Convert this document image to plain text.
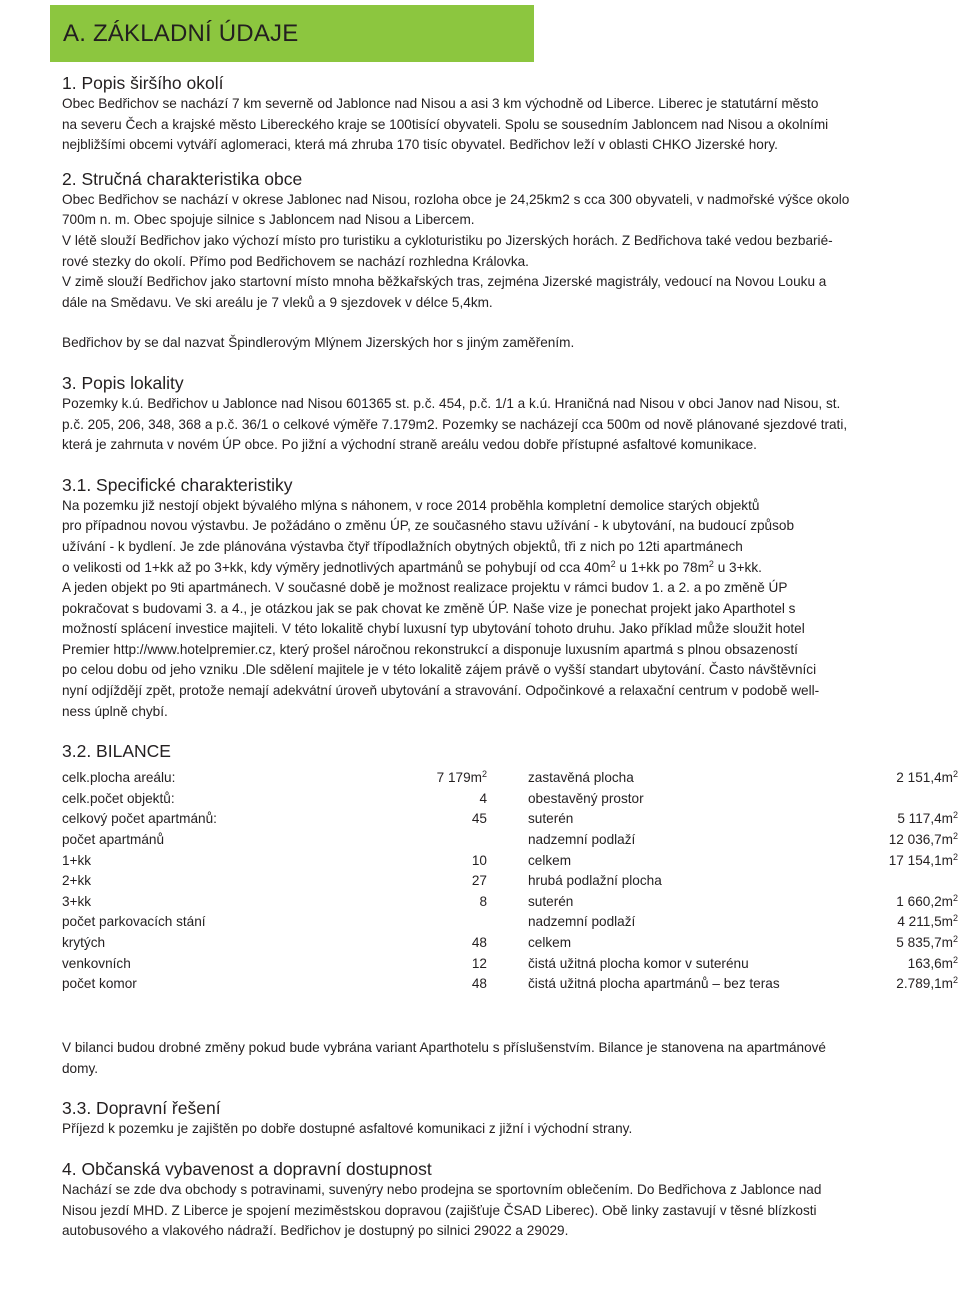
A. ZÁKLADNÍ ÚDAJE

1. Popis širšího okolí

Obec Bedřichov se nachází 7 km severně od Jablonce nad Nisou a asi 3 km východně od Liberce. Liberec je statutární město

na severu Čech a krajské město Libereckého kraje se 100tisící obyvateli. Spolu se sousedním Jabloncem nad Nisou a okolními

nejbližšími obcemi vytváří aglomeraci, která má zhruba 170 tisíc obyvatel. Bedřichov leží v oblasti CHKO Jizerské hory.

2. Stručná charakteristika obce

Obec Bedřichov se nachází v okrese Jablonec nad Nisou, rozloha obce je 24,25km2 s cca 300 obyvateli, v nadmořské výšce okolo

700m n. m. Obec spojuje silnice s Jabloncem nad Nisou a Libercem.

V létě slouží Bedřichov jako výchozí místo pro turistiku a cykloturistiku po Jizerských horách. Z Bedřichova také vedou bezbarié-

rové stezky do okolí. Přímo pod Bedřichovem se nachází rozhledna Královka.

V zimě slouží Bedřichov jako startovní místo mnoha běžkařských tras, zejména Jizerské magistrály, vedoucí na Novou Louku a

dále na Smědavu. Ve ski areálu je 7 vleků a 9 sjezdovek v délce 5,4km.

Bedřichov by se dal nazvat Špindlerovým Mlýnem Jizerských hor s jiným zaměřením.

3. Popis lokality

Pozemky k.ú. Bedřichov u Jablonce nad Nisou 601365 st. p.č. 454, p.č. 1/1 a k.ú. Hraničná nad Nisou v obci Janov nad Nisou, st.

p.č. 205, 206, 348, 368 a p.č. 36/1 o celkové výměře 7.179m2. Pozemky se nacházejí cca 500m od nově plánované sjezdové trati,

která je zahrnuta v novém ÚP obce. Po jižní a východní straně areálu vedou dobře přístupné asfaltové komunikace.

3.1. Specifické charakteristiky

Na pozemku již nestojí objekt bývalého mlýna s náhonem, v roce 2014 proběhla kompletní demolice starých objektů

pro případnou novou výstavbu. Je požádáno o změnu ÚP, ze současného stavu užívání - k ubytování, na budoucí způsob

užívání - k bydlení. Je zde plánována výstavba čtyř třípodlažních obytných objektů, tři z nich po 12ti apartmánech

o velikosti od 1+kk až po 3+kk, kdy výměry jednotlivých apartmánů se pohybují od cca $40m^2$ u 1+kk po $78m^2$ u 3+kk.

A jeden objekt po 9ti apartmánech. V současné době je možnost realizace projektu v rámci budov 1. a 2. a po změně ÚP

pokračovat s budovami 3. a 4., je otázkou jak se pak chovat ke změně ÚP. Naše vize je ponechat projekt jako Aparthotel s

možností splácení investice majiteli. V této lokalitě chybí luxusní typ ubytování tohoto druhu. Jako příklad může sloužit hotel

Premier http://www.hotelpremier.cz, který prošel náročnou rekonstrukcí a disponuje luxusním apartmá s plnou obsazeností

po celou dobu od jeho vzniku .Dle sdělení majitele je v této lokalitě zájem právě o vyšší standart ubytování. Často návštěvníci

nyní odjíždějí zpět, protože nemají adekvátní úroveň ubytování a stravování. Odpočinkové a relaxační centrum v podobě well-

ness úplně chybí.

3.2. BILANCE

celk.plocha areálu:	7 $179m^2$
celk.počet objektů:	4
celkový počet apartmánů:	45
počet apartmánů
1+kk	10
2+kk	27
3+kk	8
počet parkovacích stání
krytých	48
venkovních	12
počet komor	48
zastavěná plocha	2 $151,4m^2$
obestavěný prostor
suterén	5 $117,4m^2$
nadzemní podlaží	12 $036,7m^2$
celkem	17 $154,1m^2$
hrubá podlažní plocha
suterén	1 $660,2m^2$
nadzemní podlaží	4 $211,5m^2$
celkem	5 $835,7m^2$
čistá užitná plocha komor v suterénu	$163,6m^2$
čistá užitná plocha apartmánů – bez teras	$2.789,1m^2$

V bilanci budou drobné změny pokud bude vybrána variant Aparthotelu s příslušenstvím. Bilance je stanovena na apartmánové

domy.

3.3. Dopravní řešení

Příjezd k pozemku je zajištěn po dobře dostupné asfaltové komunikaci z jižní i východní strany.

4. Občanská vybavenost a dopravní dostupnost

Nachází se zde dva obchody s potravinami, suvenýry nebo prodejna se sportovním oblečením. Do Bedřichova z Jablonce nad

Nisou jezdí MHD. Z Liberce je spojení meziměstskou dopravou (zajišťuje ČSAD Liberec). Obě linky zastavují v těsné blízkosti

autobusového a vlakového nádraží. Bedřichov je dostupný po silnici 29022 a 29029.
